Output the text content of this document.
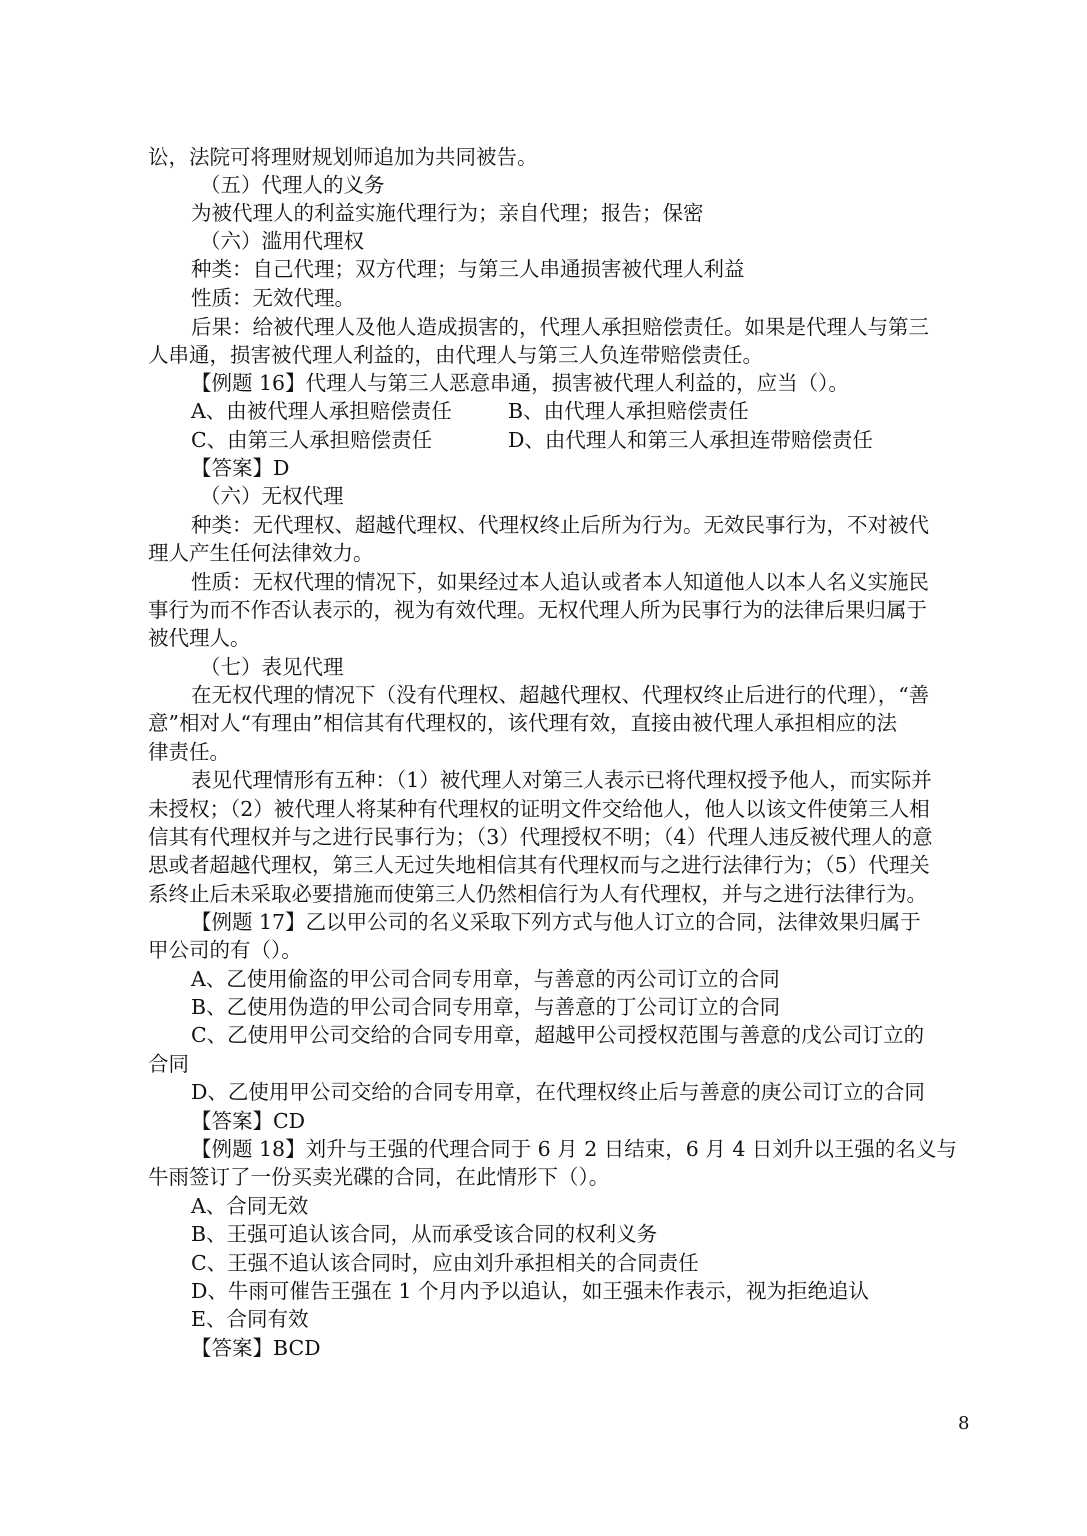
讼，法院可将理财规划师追加为共同被告。
（五）代理人的义务
为被代理人的利益实施代理行为；亲自代理；报告；保密
（六）滥用代理权
种类：自己代理；双方代理；与第三人串通损害被代理人利益
性质：无效代理。
后果：给被代理人及他人造成损害的，代理人承担赔偿责任。如果是代理人与第三
人串通，损害被代理人利益的，由代理人与第三人负连带赔偿责任。
【例题 16】代理人与第三人恶意串通，损害被代理人利益的，应当（）。
A、由被代理人承担赔偿责任	B、由代理人承担赔偿责任
C、由第三人承担赔偿责任	D、由代理人和第三人承担连带赔偿责任
【答案】D
（六）无权代理
种类：无代理权、超越代理权、代理权终止后所为行为。无效民事行为，不对被代
理人产生任何法律效力。
性质：无权代理的情况下，如果经过本人追认或者本人知道他人以本人名义实施民
事行为而不作否认表示的，视为有效代理。无权代理人所为民事行为的法律后果归属于
被代理人。
（七）表见代理
在无权代理的情况下（没有代理权、超越代理权、代理权终止后进行的代理），“善
意”相对人“有理由”相信其有代理权的，该代理有效，直接由被代理人承担相应的法
律责任。
表见代理情形有五种：（1）被代理人对第三人表示已将代理权授予他人，而实际并
未授权；（2）被代理人将某种有代理权的证明文件交给他人，他人以该文件使第三人相
信其有代理权并与之进行民事行为；（3）代理授权不明；（4）代理人违反被代理人的意
思或者超越代理权，第三人无过失地相信其有代理权而与之进行法律行为；（5）代理关
系终止后未采取必要措施而使第三人仍然相信行为人有代理权，并与之进行法律行为。
【例题 17】乙以甲公司的名义采取下列方式与他人订立的合同，法律效果归属于
甲公司的有（）。
A、乙使用偷盗的甲公司合同专用章，与善意的丙公司订立的合同
B、乙使用伪造的甲公司合同专用章，与善意的丁公司订立的合同
C、乙使用甲公司交给的合同专用章，超越甲公司授权范围与善意的戊公司订立的
合同
D、乙使用甲公司交给的合同专用章，在代理权终止后与善意的庚公司订立的合同
【答案】CD
【例题 18】刘升与王强的代理合同于 6 月 2 日结束，6 月 4 日刘升以王强的名义与
牛雨签订了一份买卖光碟的合同，在此情形下（）。
A、合同无效
B、王强可追认该合同，从而承受该合同的权利义务
C、王强不追认该合同时，应由刘升承担相关的合同责任
D、牛雨可催告王强在 1 个月内予以追认，如王强未作表示，视为拒绝追认
E、合同有效
【答案】BCD
8
